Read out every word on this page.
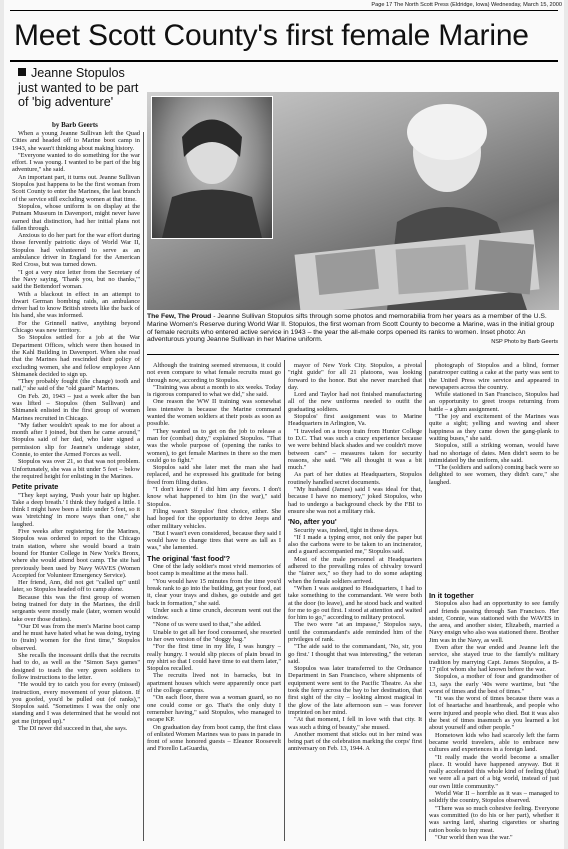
Page 17 The North Scott Press (Eldridge, Iowa) Wednesday, March 15, 2000
Meet Scott County's first female Marine
Jeanne Stopulos just wanted to be part of 'big adventure'
by Barb Geerts
The Few, The Proud - Jeanne Sullivan Stopulos sifts through some photos and memorabilia from her years as a member of the U.S. Marine Women's Reserve during World War II. Stopulos, the first woman from Scott County to become a Marine, was in the initial group of female recruits who entered active service in 1943 – the year the all-male corps opened its ranks to women. Inset photo: An adventurous young Jeanne Sullivan in her Marine uniform.	NSP Photo by Barb Geerts

When a young Jeanne Sullivan left the Quad Cities and headed off to Marine boot camp in 1943, she wasn't thinking about making history.

"Everyone wanted to do something for the war effort. I was young. I wanted to be part of the big adventure," she said.

An important part, it turns out. Jeanne Sullivan Stopulos just happens to be the first woman from Scott County to enter the Marines, the last branch of the service still excluding women at that time.

Stopulos, whose uniform is on display at the Putnam Museum in Davenport, might never have earned that distinction, had her initial plans not fallen through.

Anxious to do her part for the war effort during those fervently patriotic days of World War II, Stopulos had volunteered to serve as an ambulance driver in England for the American Red Cross, but was turned down.

"I got a very nice letter from the Secretary of the Navy saying, 'Thank you, but no thanks,'" said the Bettendorf woman.

With a blackout in effect in an attempt to thwart German bombing raids, an ambulance driver had to know British streets like the back of his hand, she was informed.

For the Grinnell native, anything beyond Chicago was new territory.

So Stopulos settled for a job at the War Department Offices, which were then housed in the Kahl Building in Davenport. When she read that the Marines had rescinded their policy of excluding women, she and fellow employee Ann Shimanek decided to sign up.

"They probably fought (the change) tooth and nail," she said of the "old guard" Marines.

On Feb. 20, 1943 – just a week after the ban was lifted – Stopulos (then Sullivan) and Shimanek enlisted in the first group of women Marines recruited in Chicago.

"My father wouldn't speak to me for about a month after I joined, but then he came around," Stopulos said of her dad, who later signed a permission slip for Jeanne's underage sister, Connie, to enter the Armed Forces as well.

Stopulos was over 21, so that was not problem. Unfortunately, she was a bit under 5 feet – below the required height for enlisting in the Marines.

Petite private

"They kept saying, 'Push your hair up higher. Take a deep breath.' I think they fudged a little. I think I might have been a little under 5 feet, so it was 'stretching' in more ways than one," she laughed.

Five weeks after registering for the Marines, Stopulos was ordered to report to the Chicago train station, where she would board a train bound for Hunter College in New York's Bronx, where she would attend boot camp. The site had previously been used by Navy WAVES (Women Accepted for Volunteer Emergency Service).

Her friend, Ann, did not get "called up" until later, so Stopulos headed off to camp alone.

Because this was the first group of women being trained for duty in the Marines, the drill sergeants were mostly male (later, women would take over those duties).

"Our DI was from the men's Marine boot camp and he must have hated what he was doing, trying to (train) women for the first time," Stopulos observed.

She recalls the incessant drills that the recruits had to do, as well as the "Simon Says games" designed to teach the very green soldiers to follow instructions to the letter.

"He would try to catch you for every (missed) instruction, every movement of your platoon. If you goofed, you'd be pulled out (of ranks)," Stopulos said. "Sometimes I was the only one standing and I was determined that he would not get me (tripped up)."

The DI never did succeed in that, she says.

Although the training seemed strenuous, it could not even compare to what female recruits must go through now, according to Stopulos.

"Training was about a month to six weeks. Today is rigorous compared to what we did," she said.

One reason the WW II training was somewhat less intensive is because the Marine command wanted the women soldiers at their posts as soon as possible.

"They wanted us to get on the job to release a man for (combat) duty," explained Stopulos. "That was the whole purpose of (opening the ranks to women), to get female Marines in there so the men could go to fight."

Stopulos said she later met the man she had replaced, and he expressed his gratitude for being freed from filing duties.

"I don't know if I did him any favors. I don't know what happened to him (in the war)," said Stopulos.

Filing wasn't Stopulos' first choice, either. She had hoped for the opportunity to drive Jeeps and other military vehicles.

"But I wasn't even considered, because they said I would have to change tires that were as tall as I was," she lamented.

The original 'fast food'?

One of the lady soldier's most vivid memories of boot camp is mealtime at the mess hall.

"You would have 15 minutes from the time you'd break rank to go into the building, get your food, eat it, clear your trays and dishes, go outside and get back in formation," she said.

Under such a time crunch, decorum went out the window.

"None of us were used to that," she added.

Unable to get all her food consumed, she resorted to her own version of the "doggy bag."

"For the first time in my life, I was hungry – really hungry. I would slip pieces of plain bread in my shirt so that I could have time to eat them later," Stopulos recalled.

The recruits lived not in barracks, but in apartment houses which were apparently once part of the college campus.

"On each floor, there was a woman guard, so no one could come or go. That's the only duty I remember having," said Stopulos, who managed to escape KP.

On graduation day from boot camp, the first class of enlisted Women Marines was to pass in parade in front of some honored guests – Eleanor Roosevelt and Fiorello LaGuardia,

mayor of New York City. Stopulos, a pivotal "right guide" for all 21 platoons, was looking forward to the honor. But she never marched that day.

Lord and Taylor had not finished manufacturing all of the new uniforms needed to outfit the graduating soldiers.

Stopulos' first assignment was to Marine Headquarters in Arlington, Va.

"I traveled on a troop train from Hunter College to D.C. That was such a crazy experience because we were behind black shades and we couldn't move between cars" – measures taken for security reasons, she said. "We all thought it was a bit much."

As part of her duties at Headquarters, Stopulos routinely handled secret documents.

"My husband (James) said I was ideal for that, because I have no memory," joked Stopulos, who had to undergo a background check by the FBI to ensure she was not a military risk.

'No, after you'

Security was, indeed, tight in those days.

"If I made a typing error, not only the paper but also the carbons were to be taken to an incinerator, and a guard accompanied me," Stopulos said.

Most of the male personnel at Headquarters adhered to the prevailing rules of chivalry toward the "fairer sex," so they had to do some adapting when the female soldiers arrived.

"When I was assigned to Headquarters, I had to take something to the commandant. We were both at the door (to leave), and he stood back and waited for me to go out first. I stood at attention and waited for him to go," according to military protocol.

The two were "at an impasse," Stopulos says, until the commandant's aide reminded him of the privileges of rank.

"The aide said to the commandant, 'No, sir, you go first.' I thought that was interesting," the veteran said.

Stopulos was later transferred to the Ordnance Department in San Francisco, where shipments of equipment were sent to the Pacific Theatre. As she took the ferry across the bay to her destination, that first sight of the city – looking almost magical in the glow of the late afternoon sun – was forever imprinted on her mind.

"At that moment, I fell in love with that city. It was such a thing of beauty," she mused.

Another moment that sticks out in her mind was being part of the celebration marking the corps' first anniversary on Feb. 13, 1944. A

photograph of Stopulos and a blind, former paratrooper cutting a cake at the party was sent to the United Press wire service and appeared in newspapers across the country.

While stationed in San Francisco, Stopulos had an opportunity to greet troops returning from battle – a glum assignment.

"The joy and excitement of the Marines was quite a sight; yelling and waving and sheer happiness as they came down the gang-plank to waiting buses," she said.

Stopulos, still a striking woman, would have had no shortage of dates. Men didn't seem to be intimidated by the uniform, she said.

"The (soldiers and sailors) coming back were so delighted to see women, they didn't care," she laughed.

In it together

Stopulos also had an opportunity to see family and friends passing through San Francisco. Her sister, Connie, was stationed with the WAVES in the area, and another sister, Elizabeth, married a Navy ensign who also was stationed there. Brother Jim was in the Navy, as well.

Even after the war ended and Jeanne left the service, she stayed true to the family's military tradition by marrying Capt. James Stopulos, a B-17 pilot whom she had known before the war.

Stopulos, a mother of four and grandmother of 13, says the early '40s were wartime, but "the worst of times and the best of times."

"It was the worst of times because there was a lot of heartache and heartbreak, and people who were injured and people who died. But it was also the best of times inasmuch as you learned a lot about yourself and other people."

Hometown kids who had scarcely left the farm became world travelers, able to embrace new cultures and experiences in a foreign land.

"It really made the world become a smaller place. It would have happened anyway. But it really accelerated this whole kind of feeling (that) we were all a part of a big world, instead of just our own little community."

World War II – horrible as it was – managed to solidify the country, Stopulos observed.

"There was so much cohesive feeling. Everyone was committed (to do his or her part), whether it was saving lard, sharing cigarettes or sharing ration books to buy meat.

"Our world then was the war."
